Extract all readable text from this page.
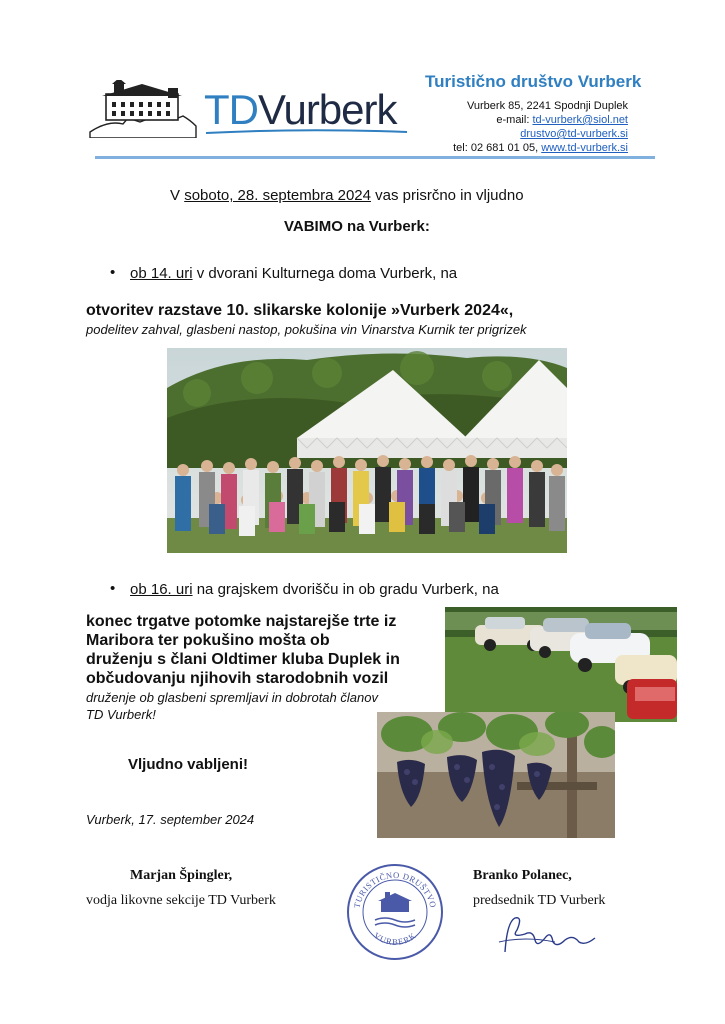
TDVurberk
Turistično društvo Vurberk
Vurberk 85, 2241 Spodnji Duplek
e-mail: td-vurberk@siol.net
drustvo@td-vurberk.si
tel: 02 681 01 05, www.td-vurberk.si
V soboto, 28. septembra 2024 vas prisrčno in vljudno
VABIMO na Vurberk:
• ob 14. uri v dvorani Kulturnega doma Vurberk, na
otvoritev razstave 10. slikarske kolonije »Vurberk 2024«,
podelitev zahval, glasbeni nastop, pokušina vin Vinarstva Kurnik ter prigrizek
• ob 16. uri na grajskem dvorišču in ob gradu Vurberk, na
konec trgatve potomke najstarejše trte iz
Maribora ter pokušino mošta ob
druženju s člani Oldtimer kluba Duplek in
občudovanju njihovih starodobnih vozil
druženje ob glasbeni spremljavi in dobrotah članov
TD Vurberk!
Vljudno vabljeni!
Vurberk, 17. september 2024
Marjan Špingler,
vodja likovne sekcije TD Vurberk
Branko Polanec,
predsednik TD Vurberk
TURISTIČNO DRUŠTVO
VURBERK
